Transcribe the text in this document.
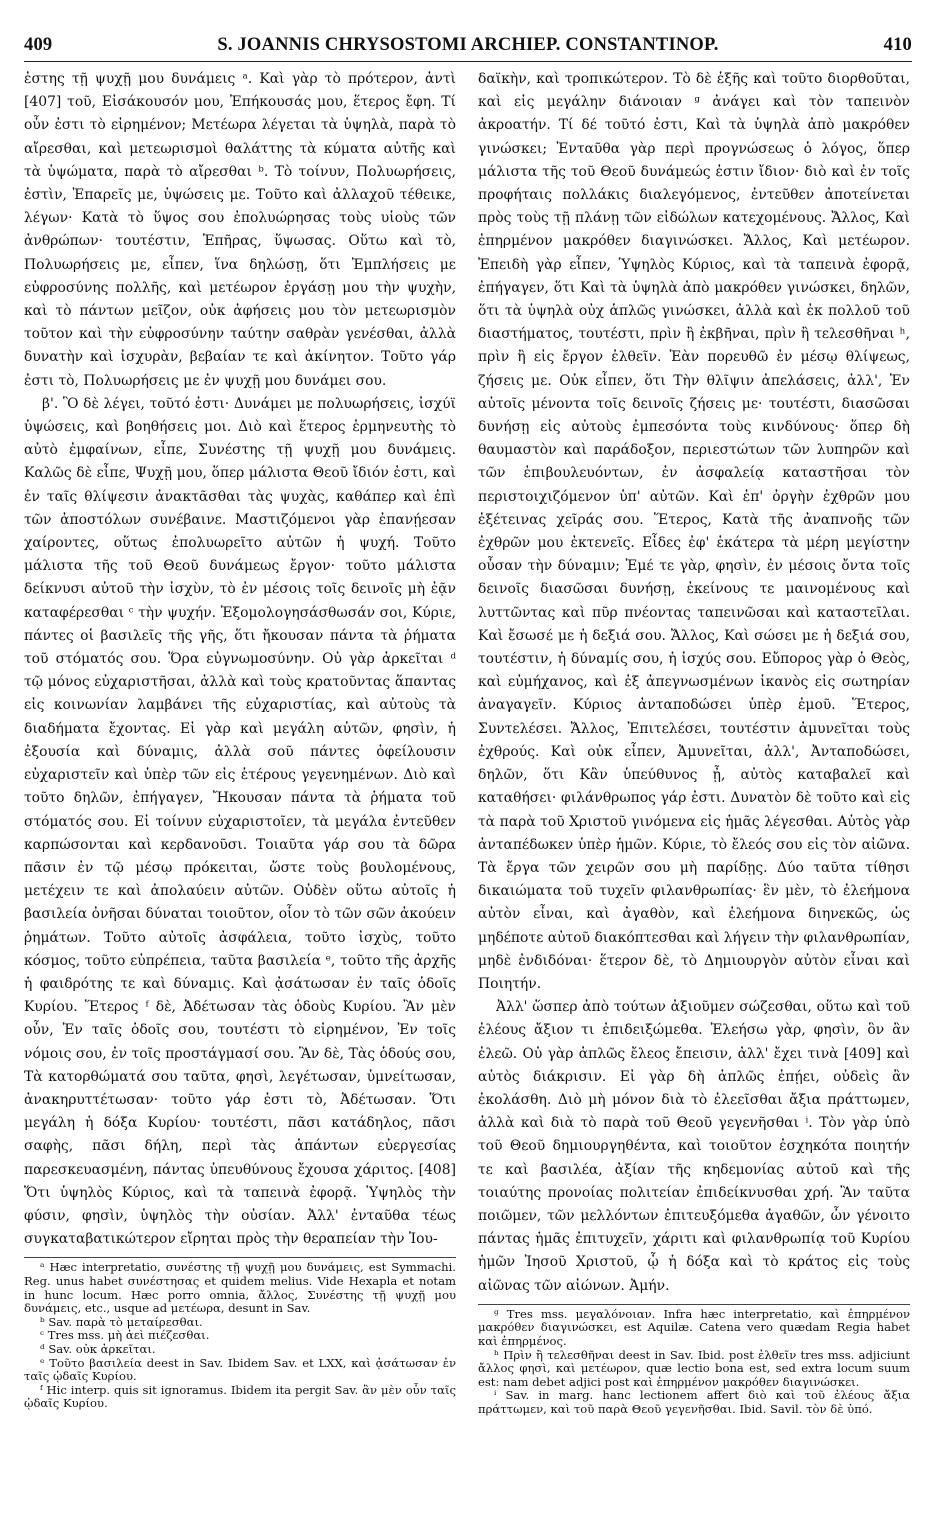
409	S. JOANNIS CHRYSOSTOMI ARCHIEP. CONSTANTINOP.	410

ἐστης τῇ ψυχῇ μου δυνάμεις ᵃ. Καὶ γὰρ τὸ πρότερον, ἀντὶ [407] τοῦ, Εἰσάκουσόν μου, Ἐπήκουσάς μου, ἕτερος ἔφη. Τί οὖν ἐστι τὸ εἰρημένον; Μετέωρα λέγεται τὰ ὑψηλὰ, παρὰ τὸ αἴρεσθαι, καὶ μετεωρισμοὶ θαλάττης τὰ κύματα αὐτῆς καὶ τὰ ὑψώματα, παρὰ τὸ αἴρεσθαι ᵇ. Τὸ τοίνυν, Πολυωρήσεις, ἐστὶν, Ἐπαρεῖς με, ὑψώσεις με. Τοῦτο καὶ ἀλλαχοῦ τέθεικε, λέγων· Κατὰ τὸ ὕψος σου ἐπολυώρησας τοὺς υἱοὺς τῶν ἀνθρώπων· τουτέστιν, Ἐπῆρας, ὕψωσας. Οὕτω καὶ τὸ, Πολυωρήσεις με, εἶπεν, ἵνα δηλώσῃ, ὅτι Ἐμπλήσεις με εὐφροσύνης πολλῆς, καὶ μετέωρον ἐργάσῃ μου τὴν ψυχὴν, καὶ τὸ πάντων μεῖζον, οὐκ ἀφήσεις μου τὸν μετεωρισμὸν τοῦτον καὶ τὴν εὐφροσύνην ταύτην σαθρὰν γενέσθαι, ἀλλὰ δυνατὴν καὶ ἰσχυρὰν, βεβαίαν τε καὶ ἀκίνητον. Τοῦτο γάρ ἐστι τὸ, Πολυωρήσεις με ἐν ψυχῇ μου δυνάμει σου.

β'. Ὃ δὲ λέγει, τοῦτό ἐστι· Δυνάμει με πολυωρήσεις, ἰσχύϊ ὑψώσεις, καὶ βοηθήσεις μοι. Διὸ καὶ ἕτερος ἑρμηνευτὴς τὸ αὐτὸ ἐμφαίνων, εἶπε, Συνέστης τῇ ψυχῇ μου δυνάμεις. Καλῶς δὲ εἶπε, Ψυχῇ μου, ὅπερ μάλιστα Θεοῦ ἴδιόν ἐστι, καὶ ἐν ταῖς θλίψεσιν ἀνακτᾶσθαι τὰς ψυχὰς, καθάπερ καὶ ἐπὶ τῶν ἀποστόλων συνέβαινε. Μαστιζόμενοι γὰρ ἐπανῄεσαν χαίροντες, οὕτως ἐπολυωρεῖτο αὐτῶν ἡ ψυχή. Τοῦτο μάλιστα τῆς τοῦ Θεοῦ δυνάμεως ἔργον· τοῦτο μάλιστα δείκνυσι αὐτοῦ τὴν ἰσχὺν, τὸ ἐν μέσοις τοῖς δεινοῖς μὴ ἐᾷν καταφέρεσθαι ᶜ τὴν ψυχήν. Ἐξομολογησάσθωσάν σοι, Κύριε, πάντες οἱ βασιλεῖς τῆς γῆς, ὅτι ἤκουσαν πάντα τὰ ῥήματα τοῦ στόματός σου. Ὅρα εὐγνωμοσύνην. Οὐ γὰρ ἀρκεῖται ᵈ τῷ μόνος εὐχαριστῆσαι, ἀλλὰ καὶ τοὺς κρατοῦντας ἅπαντας εἰς κοινωνίαν λαμβάνει τῆς εὐχαριστίας, καὶ αὐτοὺς τὰ διαδήματα ἔχοντας. Εἰ γὰρ καὶ μεγάλη αὐτῶν, φησὶν, ἡ ἐξουσία καὶ δύναμις, ἀλλὰ σοῦ πάντες ὀφείλουσιν εὐχαριστεῖν καὶ ὑπὲρ τῶν εἰς ἑτέρους γεγενημένων. Διὸ καὶ τοῦτο δηλῶν, ἐπήγαγεν, Ἤκουσαν πάντα τὰ ῥήματα τοῦ στόματός σου. Εἰ τοίνυν εὐχαριστοῖεν, τὰ μεγάλα ἐντεῦθεν καρπώσονται καὶ κερδανοῦσι. Τοιαῦτα γάρ σου τὰ δῶρα πᾶσιν ἐν τῷ μέσῳ πρόκειται, ὥστε τοὺς βουλομένους, μετέχειν τε καὶ ἀπολαύειν αὐτῶν. Οὐδὲν οὕτω αὐτοῖς ἡ βασιλεία ὀνῆσαι δύναται τοιοῦτον, οἷον τὸ τῶν σῶν ἀκούειν ῥημάτων. Τοῦτο αὐτοῖς ἀσφάλεια, τοῦτο ἰσχὺς, τοῦτο κόσμος, τοῦτο εὐπρέπεια, ταῦτα βασιλεία ᵉ, τοῦτο τῆς ἀρχῆς ἡ φαιδρότης τε καὶ δύναμις. Καὶ ᾀσάτωσαν ἐν ταῖς ὁδοῖς Κυρίου. Ἕτερος ᶠ δὲ, Ἀδέτωσαν τὰς ὁδοὺς Κυρίου. Ἂν μὲν οὖν, Ἐν ταῖς ὁδοῖς σου, τουτέστι τὸ εἰρημένον, Ἐν τοῖς νόμοις σου, ἐν τοῖς προστάγμασί σου. Ἂν δὲ, Τὰς ὁδούς σου, Τὰ κατορθώματά σου ταῦτα, φησὶ, λεγέτωσαν, ὑμνείτωσαν, ἀνακηρυττέτωσαν· τοῦτο γάρ ἐστι τὸ, Ἀδέτωσαν. Ὅτι μεγάλη ἡ δόξα Κυρίου· τουτέστι, πᾶσι κατάδηλος, πᾶσι σαφὴς, πᾶσι δήλη, περὶ τὰς ἁπάντων εὐεργεσίας παρεσκευασμένη, πάντας ὑπευθύνους ἔχουσα χάριτος. [408] Ὅτι ὑψηλὸς Κύριος, καὶ τὰ ταπεινὰ ἐφορᾷ. Ὑψηλὸς τὴν φύσιν, φησὶν, ὑψηλὸς τὴν οὐσίαν. Ἀλλ' ἐνταῦθα τέως συγκαταβατικώτερον εἴρηται πρὸς τὴν θεραπείαν τὴν Ἰου-

ᵃ Hæc interpretatio, συνέστης τῇ ψυχῇ μου δυνάμεις, est Symmachi. Reg. unus habet συνέστησας et quidem melius. Vide Hexapla et notam in hunc locum. Hæc porro omnia, ἄλλος, Συνέστης τῇ ψυχῇ μου δυνάμεις, etc., usque ad μετέωρα, desunt in Sav.

ᵇ Sav. παρὰ τὸ μεταίρεσθαι.

ᶜ Tres mss. μὴ ἀεὶ πιέζεσθαι.

ᵈ Sav. οὐκ ἀρκεῖται.

ᵉ Τοῦτο βασιλεία deest in Sav. Ibidem Sav. et LXX, καὶ ᾀσάτωσαν ἐν ταῖς ᾠδαῖς Κυρίου.

ᶠ Hic interp. quis sit ignoramus. Ibidem ita pergit Sav. ἂν μὲν οὖν ταῖς ᾠδαῖς Κυρίου.

δαϊκὴν, καὶ τροπικώτερον. Τὸ δὲ ἑξῆς καὶ τοῦτο διορθοῦται, καὶ εἰς μεγάλην διάνοιαν ᵍ ἀνάγει καὶ τὸν ταπεινὸν ἀκροατήν. Τί δέ τοῦτό ἐστι, Καὶ τὰ ὑψηλὰ ἀπὸ μακρόθεν γινώσκει; Ἐνταῦθα γὰρ περὶ προγνώσεως ὁ λόγος, ὅπερ μάλιστα τῆς τοῦ Θεοῦ δυνάμεώς ἐστιν ἴδιον· διὸ καὶ ἐν τοῖς προφήταις πολλάκις διαλεγόμενος, ἐντεῦθεν ἀποτείνεται πρὸς τοὺς τῇ πλάνῃ τῶν εἰδώλων κατεχομένους. Ἄλλος, Καὶ ἐπηρμένον μακρόθεν διαγινώσκει. Ἄλλος, Καὶ μετέωρον. Ἐπειδὴ γὰρ εἶπεν, Ὑψηλὸς Κύριος, καὶ τὰ ταπεινὰ ἐφορᾷ, ἐπήγαγεν, ὅτι Καὶ τὰ ὑψηλὰ ἀπὸ μακρόθεν γινώσκει, δηλῶν, ὅτι τὰ ὑψηλὰ οὐχ ἁπλῶς γινώσκει, ἀλλὰ καὶ ἐκ πολλοῦ τοῦ διαστήματος, τουτέστι, πρὶν ἢ ἐκβῆναι, πρὶν ἢ τελεσθῆναι ʰ, πρὶν ἢ εἰς ἔργον ἐλθεῖν. Ἐὰν πορευθῶ ἐν μέσῳ θλίψεως, ζήσεις με. Οὐκ εἶπεν, ὅτι Τὴν θλῖψιν ἀπελάσεις, ἀλλ', Ἐν αὐτοῖς μένοντα τοῖς δεινοῖς ζήσεις με· τουτέστι, διασῶσαι δυνήσῃ εἰς αὐτοὺς ἐμπεσόντα τοὺς κινδύνους· ὅπερ δὴ θαυμαστὸν καὶ παράδοξον, περιεστώτων τῶν λυπηρῶν καὶ τῶν ἐπιβουλευόντων, ἐν ἀσφαλείᾳ καταστῆσαι τὸν περιστοιχιζόμενον ὑπ' αὐτῶν. Καὶ ἐπ' ὀργὴν ἐχθρῶν μου ἐξέτεινας χεῖράς σου. Ἕτερος, Κατὰ τῆς ἀναπνοῆς τῶν ἐχθρῶν μου ἐκτενεῖς. Εἶδες ἐφ' ἑκάτερα τὰ μέρη μεγίστην οὖσαν τὴν δύναμιν; Ἐμέ τε γὰρ, φησὶν, ἐν μέσοις ὄντα τοῖς δεινοῖς διασῶσαι δυνήσῃ, ἐκείνους τε μαινομένους καὶ λυττῶντας καὶ πῦρ πνέοντας ταπεινῶσαι καὶ καταστεῖλαι. Καὶ ἔσωσέ με ἡ δεξιά σου. Ἄλλος, Καὶ σώσει με ἡ δεξιά σου, τουτέστιν, ἡ δύναμίς σου, ἡ ἰσχύς σου. Εὔπορος γὰρ ὁ Θεὸς, καὶ εὐμήχανος, καὶ ἐξ ἀπεγνωσμένων ἱκανὸς εἰς σωτηρίαν ἀναγαγεῖν. Κύριος ἀνταποδώσει ὑπὲρ ἐμοῦ. Ἕτερος, Συντελέσει. Ἄλλος, Ἐπιτελέσει, τουτέστιν ἀμυνεῖται τοὺς ἐχθρούς. Καὶ οὐκ εἶπεν, Ἀμυνεῖται, ἀλλ', Ἀνταποδώσει, δηλῶν, ὅτι Κἂν ὑπεύθυνος ᾖ, αὐτὸς καταβαλεῖ καὶ καταθήσει· φιλάνθρωπος γάρ ἐστι. Δυνατὸν δὲ τοῦτο καὶ εἰς τὰ παρὰ τοῦ Χριστοῦ γινόμενα εἰς ἡμᾶς λέγεσθαι. Αὐτὸς γὰρ ἀνταπέδωκεν ὑπὲρ ἡμῶν. Κύριε, τὸ ἔλεός σου εἰς τὸν αἰῶνα. Τὰ ἔργα τῶν χειρῶν σου μὴ παρίδῃς. Δύο ταῦτα τίθησι δικαιώματα τοῦ τυχεῖν φιλανθρωπίας· ἓν μὲν, τὸ ἐλεήμονα αὐτὸν εἶναι, καὶ ἀγαθὸν, καὶ ἐλεήμονα διηνεκῶς, ὡς μηδέποτε αὐτοῦ διακόπτεσθαι καὶ λήγειν τὴν φιλανθρωπίαν, μηδὲ ἐνδιδόναι· ἕτερον δὲ, τὸ Δημιουργὸν αὐτὸν εἶναι καὶ Ποιητήν.

Ἀλλ' ὥσπερ ἀπὸ τούτων ἀξιοῦμεν σώζεσθαι, οὕτω καὶ τοῦ ἐλέους ἄξιον τι ἐπιδειξώμεθα. Ἐλεήσω γὰρ, φησὶν, ὃν ἂν ἐλεῶ. Οὐ γὰρ ἁπλῶς ἔλεος ἔπεισιν, ἀλλ' ἔχει τινὰ [409] καὶ αὐτὸς διάκρισιν. Εἰ γὰρ δὴ ἁπλῶς ἐπῄει, οὐδεὶς ἂν ἐκολάσθη. Διὸ μὴ μόνον διὰ τὸ ἐλεεῖσθαι ἄξια πράττωμεν, ἀλλὰ καὶ διὰ τὸ παρὰ τοῦ Θεοῦ γεγενῆσθαι ⁱ. Τὸν γὰρ ὑπὸ τοῦ Θεοῦ δημιουργηθέντα, καὶ τοιοῦτον ἐσχηκότα ποιητήν τε καὶ βασιλέα, ἀξίαν τῆς κηδεμονίας αὐτοῦ καὶ τῆς τοιαύτης προνοίας πολιτείαν ἐπιδείκνυσθαι χρή. Ἂν ταῦτα ποιῶμεν, τῶν μελλόντων ἐπιτευξόμεθα ἀγαθῶν, ὧν γένοιτο πάντας ἡμᾶς ἐπιτυχεῖν, χάριτι καὶ φιλανθρωπίᾳ τοῦ Κυρίου ἡμῶν Ἰησοῦ Χριστοῦ, ᾧ ἡ δόξα καὶ τὸ κράτος εἰς τοὺς αἰῶνας τῶν αἰώνων. Ἀμήν.

ᵍ Tres mss. μεγαλόνοιαν. Infra hæc interpretatio, καὶ ἐπηρμένον μακρόθεν διαγινώσκει, est Aquilæ. Catena vero quædam Regia habet καὶ ἐπηρμένος.

ʰ Πρὶν ἢ τελεσθῆναι deest in Sav. Ibid. post ἐλθεῖν tres mss. adjiciunt ἄλλος φησὶ, καὶ μετέωρον, quæ lectio bona est, sed extra locum suum est: nam debet adjici post καὶ ἐπηρμένον μακρόθεν διαγινώσκει.

ⁱ Sav. in marg. hanc lectionem affert διὸ καὶ τοῦ ἐλέους ἄξια πράττωμεν, καὶ τοῦ παρὰ Θεοῦ γεγενῆσθαι. Ibid. Savil. τὸν δὲ ὑπό.
